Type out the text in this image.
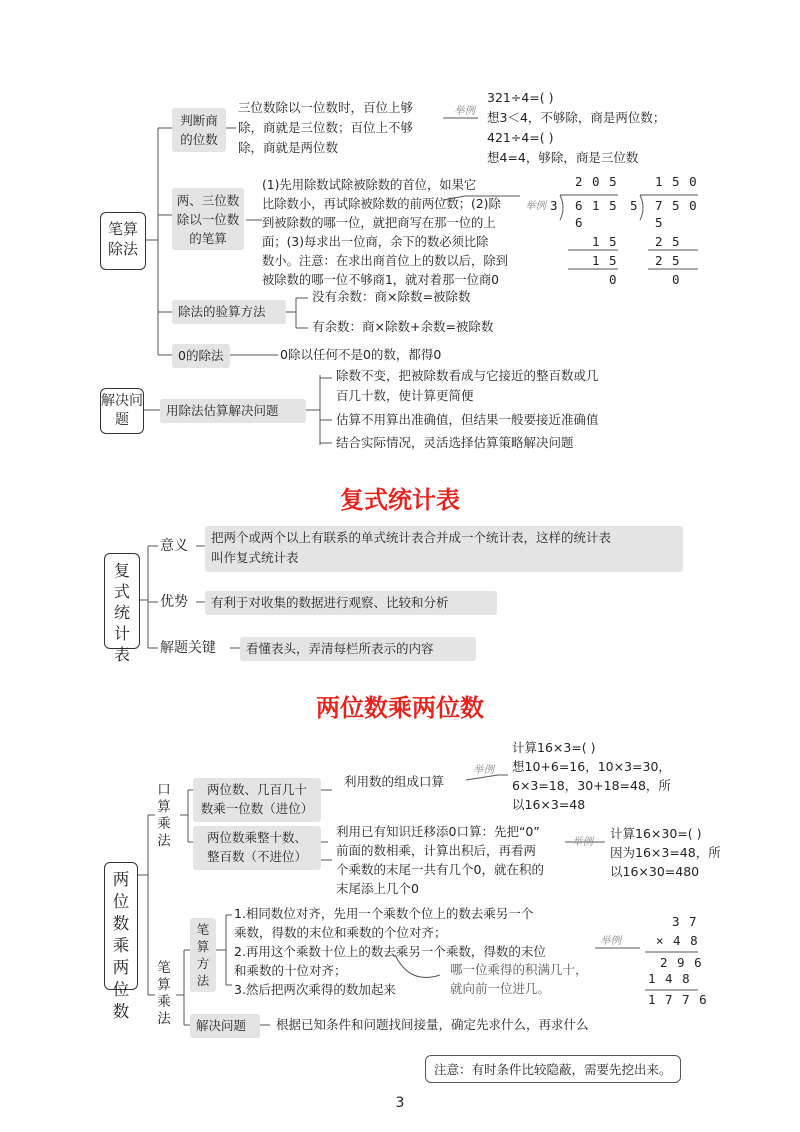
笔算除法
判断商的位数
三位数除以一位数时，百位上够
除，商就是三位数；百位上不够
除，商就是两位数
举例
321÷4=( )
想3＜4，不够除，商是两位数；
421÷4=( )
想4=4，够除，商是三位数
两、三位数除以一位数的笔算
(1)先用除数试除被除数的首位，如果它
比除数小，再试除被除数的前两位数；(2)除
到被除数的哪一位，就把商写在那一位的上
面；(3)每求出一位商，余下的数必须比除
数小。注意：在求出商首位上的数以后，除到
被除数的哪一位不够商1，就对着那一位商0
举例
2 0 5
3 6 1 5
6
1 5
1 5
0
1 5 0
5 7 5 0
5
2 5
2 5
0
除法的验算方法
没有余数：商×除数=被除数
有余数：商×除数+余数=被除数
0的除法	0除以任何不是0的数，都得0
解决问题
用除法估算解决问题
除数不变，把被除数看成与它接近的整百数或几
百几十数，使计算更简便
估算不用算出准确值，但结果一般要接近准确值
结合实际情况，灵活选择估算策略解决问题
复式统计表
复式统计表
意义
把两个或两个以上有联系的单式统计表合并成一个统计表，这样的统计表
叫作复式统计表
优势	有利于对收集的数据进行观察、比较和分析
解题关键	看懂表头，弄清每栏所表示的内容
两位数乘两位数
两位数乘两位数
口算乘法
两位数、几百几十
数乘一位数（进位）
利用数的组成口算
举例
计算16×3=( )
想10+6=16，10×3=30，
6×3=18，30+18=48，所
以16×3=48
两位数乘整十数、
整百数（不进位）
利用已有知识迁移添0口算：先把“0”
前面的数相乘，计算出积后，再看两
个乘数的末尾一共有几个0，就在积的
末尾添上几个0
举例
计算16×30=( )
因为16×3=48，所
以16×30=480
笔算乘法
笔算方法
1.相同数位对齐，先用一个乘数个位上的数去乘另一个
乘数，得数的末位和乘数的个位对齐；
2.再用这个乘数十位上的数去乘另一个乘数，得数的末位
和乘数的十位对齐；
3.然后把两次乘得的数加起来
举例
3 7
× 4 8
2 9 6
1 4 8
1 7 7 6
哪一位乘得的积满几十，
就向前一位进几。
解决问题	根据已知条件和问题找间接量，确定先求什么，再求什么
注意：有时条件比较隐蔽，需要先挖出来。
3
